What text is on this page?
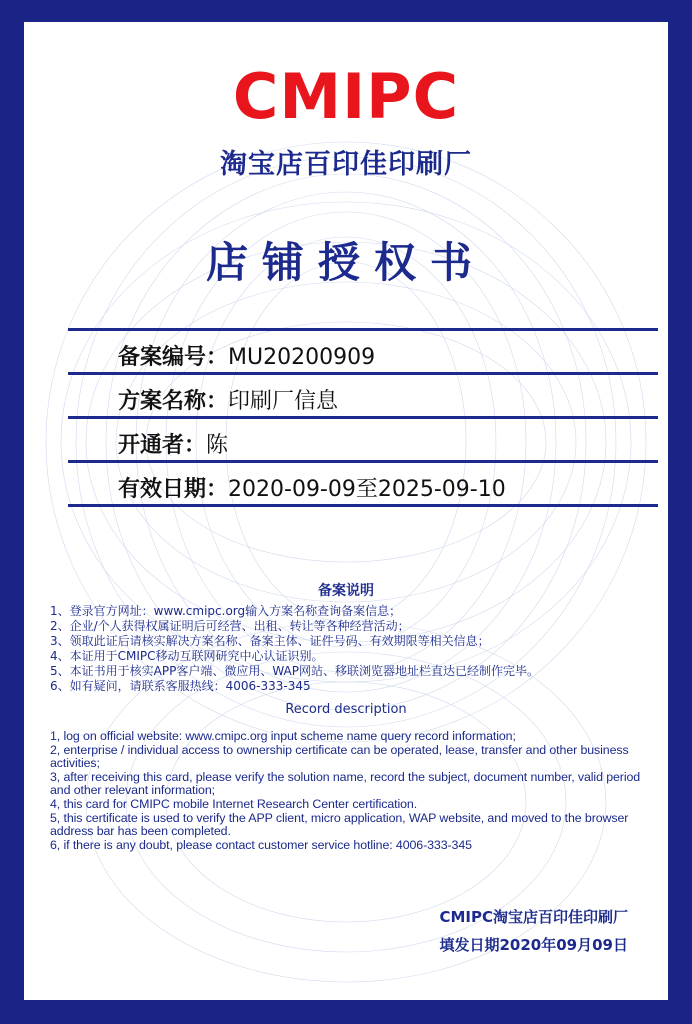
CMIPC
淘宝店百印佳印刷厂
店铺授权书
备案编号：MU20200909
方案名称：印刷厂信息
开通者：陈
有效日期：2020-09-09至2025-09-10
备案说明
1、登录官方网址：www.cmipc.org输入方案名称查询备案信息；
2、企业/个人获得权属证明后可经营、出租、转让等各种经营活动；
3、领取此证后请核实解决方案名称、备案主体、证件号码、有效期限等相关信息；
4、本证用于CMIPC移动互联网研究中心认证识别。
5、本证书用于核实APP客户端、微应用、WAP网站、移联浏览器地址栏直达已经制作完毕。
6、如有疑问，请联系客服热线：4006-333-345
Record description
1, log on official website: www.cmipc.org input scheme name query record information;
2, enterprise / individual access to ownership certificate can be operated, lease, transfer and other business activities;
3, after receiving this card, please verify the solution name, record the subject, document number, valid period and other relevant information;
4, this card for CMIPC mobile Internet Research Center certification.
5, this certificate is used to verify the APP client, micro application, WAP website, and moved to the browser address bar has been completed.
6, if there is any doubt, please contact customer service hotline: 4006-333-345
CMIPC淘宝店百印佳印刷厂
填发日期2020年09月09日
